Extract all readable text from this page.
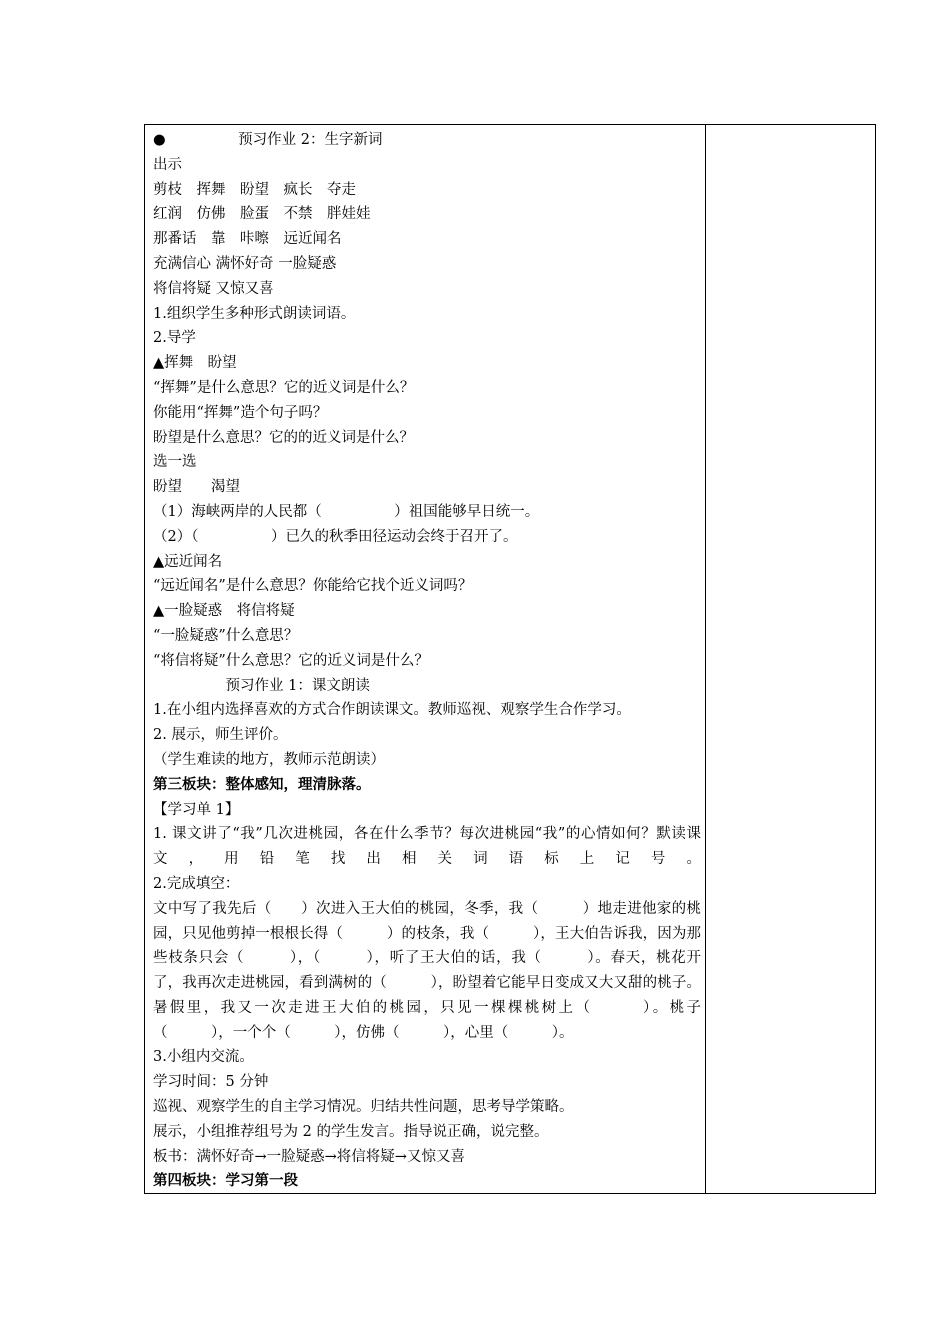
●　　　　　预习作业 2：生字新词
出示
剪枝　挥舞　盼望　疯长　夺走
红润　仿佛　脸蛋　不禁　胖娃娃
那番话　靠　咔嚓　远近闻名
充满信心 满怀好奇 一脸疑惑
将信将疑 又惊又喜
1.组织学生多种形式朗读词语。
2.导学
▲挥舞　盼望
“挥舞”是什么意思？它的近义词是什么？
你能用“挥舞”造个句子吗？
盼望是什么意思？它的的近义词是什么？
选一选
盼望　　渴望
（1）海峡两岸的人民都（　　　　　）祖国能够早日统一。
（2）（　　　　　）已久的秋季田径运动会终于召开了。
▲远近闻名
“远近闻名”是什么意思？你能给它找个近义词吗？
▲一脸疑惑　将信将疑
“一脸疑惑”什么意思？
“将信将疑”什么意思？它的近义词是什么？
　　　　　预习作业 1：课文朗读
1.在小组内选择喜欢的方式合作朗读课文。教师巡视、观察学生合作学习。
2. 展示，师生评价。
（学生难读的地方，教师示范朗读）
第三板块：整体感知，理清脉落。
【学习单 1】
1. 课文讲了“我”几次进桃园，各在什么季节？每次进桃园“我”的心情如何？默读课文，用铅笔找出相关词语标上记号。
2.完成填空：
文中写了我先后（　　）次进入王大伯的桃园，冬季，我（　　　）地走进他家的桃园，只见他剪掉一根根长得（　　　）的枝条，我（　　　），王大伯告诉我，因为那些枝条只会（　　　），（　　　），听了王大伯的话，我（　　　）。春天，桃花开了，我再次走进桃园，看到满树的（　　　），盼望着它能早日变成又大又甜的桃子。暑假里，我又一次走进王大伯的桃园，只见一棵棵桃树上（　　　）。桃子（　　　），一个个（　　　），仿佛（　　　），心里（　　　）。
3.小组内交流。
学习时间：5 分钟
巡视、观察学生的自主学习情况。归结共性问题，思考导学策略。
展示，小组推荐组号为 2 的学生发言。指导说正确，说完整。
板书：满怀好奇→一脸疑惑→将信将疑→又惊又喜
第四板块：学习第一段
